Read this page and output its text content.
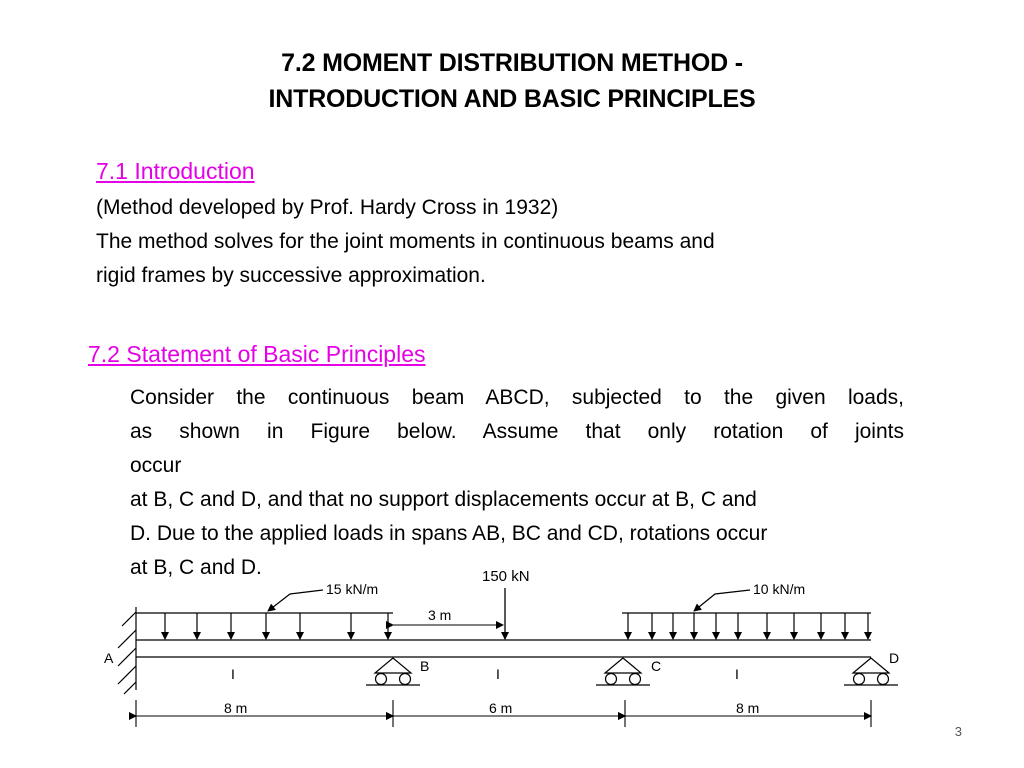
7.2 MOMENT DISTRIBUTION METHOD -
INTRODUCTION AND BASIC PRINCIPLES
7.1 Introduction
(Method developed by Prof. Hardy Cross in 1932)
The method solves for the joint moments in continuous beams and
rigid frames by successive approximation.
7.2 Statement of Basic Principles
Consider the continuous beam ABCD, subjected to the given loads,
as shown in Figure below. Assume that only rotation of joints
occur
at B, C and D, and that no support displacements occur at B, C and
D. Due to the applied loads in spans AB, BC and CD, rotations occur
at B, C and D.
15 kN/m	10 kN/m
150 kN
3 m
A	B	C	D
I	I	I
8 m	6 m	8 m
3
